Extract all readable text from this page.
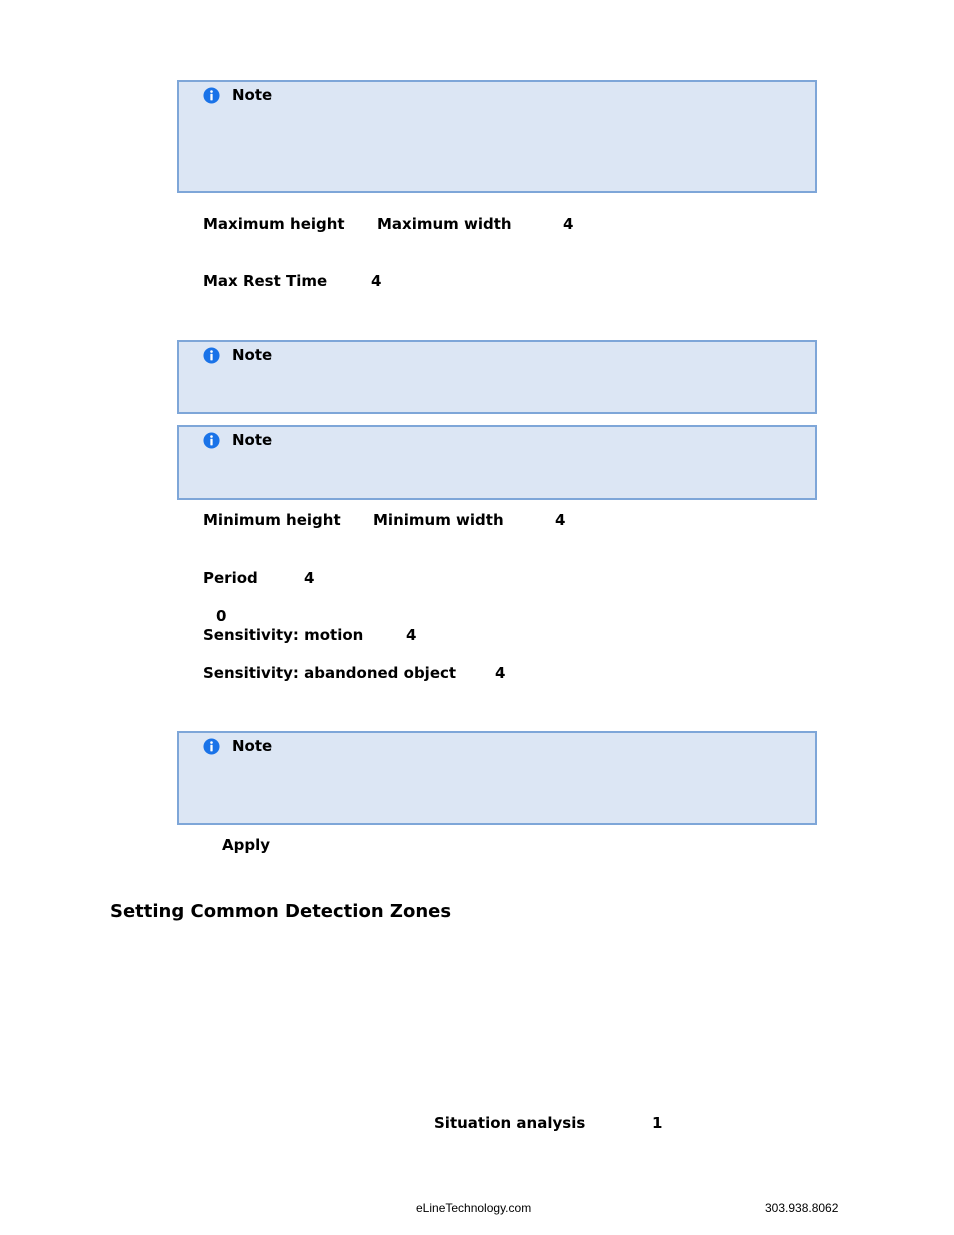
Note
Maximum height Maximum width	4
Max Rest Time	4
Note
Note
Minimum height Minimum width	4
Period	4
0
Sensitivity: motion	4
Sensitivity: abandoned object	4
Note
Apply
Setting Common Detection Zones
Situation analysis	1
eLineTechnology.com	303.938.8062
